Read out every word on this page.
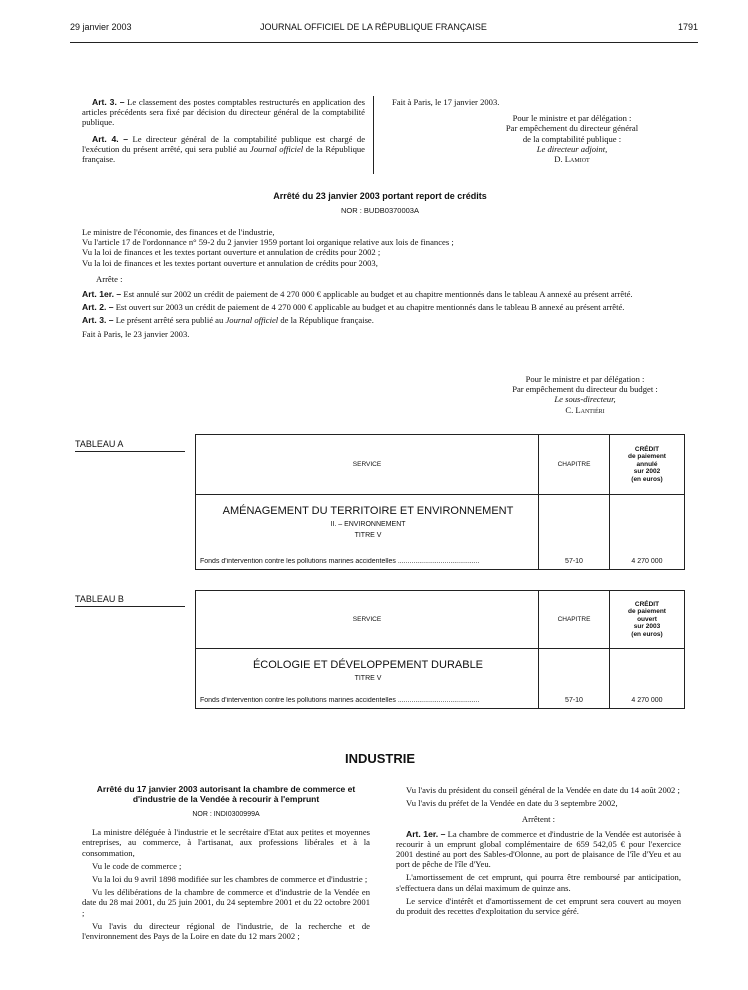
29 janvier 2003	JOURNAL OFFICIEL DE LA RÉPUBLIQUE FRANÇAISE	1791

Art. 3. – Le classement des postes comptables restructurés en application des articles précédents sera fixé par décision du directeur général de la comptabilité publique.

Art. 4. – Le directeur général de la comptabilité publique est chargé de l'exécution du présent arrêté, qui sera publié au Journal officiel de la République française.

Fait à Paris, le 17 janvier 2003.
Pour le ministre et par délégation :
Par empêchement du directeur général
de la comptabilité publique :
Le directeur adjoint,
D. Lamiot
Arrêté du 23 janvier 2003 portant report de crédits
NOR : BUDB0370003A
Le ministre de l'économie, des finances et de l'industrie,
Vu l'article 17 de l'ordonnance n° 59-2 du 2 janvier 1959 portant loi organique relative aux lois de finances ;
Vu la loi de finances et les textes portant ouverture et annulation de crédits pour 2002 ;
Vu la loi de finances et les textes portant ouverture et annulation de crédits pour 2003,
Arrête :
Art. 1er. – Est annulé sur 2002 un crédit de paiement de 4 270 000 € applicable au budget et au chapitre mentionnés dans le tableau A annexé au présent arrêté.
Art. 2. – Est ouvert sur 2003 un crédit de paiement de 4 270 000 € applicable au budget et au chapitre mentionnés dans le tableau B annexé au présent arrêté.
Art. 3. – Le présent arrêté sera publié au Journal officiel de la République française.
Fait à Paris, le 23 janvier 2003.
Pour le ministre et par délégation :
Par empêchement du directeur du budget :
Le sous-directeur,
C. Lantiéri
TABLEAU A
SERVICE	CHAPITRE	CRÉDIT
de paiement
annulé
sur 2002
(en euros)

AMÉNAGEMENT DU TERRITOIRE ET ENVIRONNEMENT
II. – ENVIRONNEMENT
TITRE V
Fonds d'intervention contre les pollutions marines accidentelles ..........................................	57-10	4 270 000
TABLEAU B
SERVICE	CHAPITRE	CRÉDIT
de paiement
ouvert
sur 2003
(en euros)

ÉCOLOGIE ET DÉVELOPPEMENT DURABLE
TITRE V
Fonds d'intervention contre les pollutions marines accidentelles ..........................................	57-10	4 270 000
INDUSTRIE
Arrêté du 17 janvier 2003 autorisant la chambre de commerce et d'industrie de la Vendée à recourir à l'emprunt
NOR : INDI0300999A

La ministre déléguée à l'industrie et le secrétaire d'Etat aux petites et moyennes entreprises, au commerce, à l'artisanat, aux professions libérales et à la consommation,

Vu le code de commerce ;

Vu la loi du 9 avril 1898 modifiée sur les chambres de commerce et d'industrie ;

Vu les délibérations de la chambre de commerce et d'industrie de la Vendée en date du 28 mai 2001, du 25 juin 2001, du 24 septembre 2001 et du 22 octobre 2001 ;

Vu l'avis du directeur régional de l'industrie, de la recherche et de l'environnement des Pays de la Loire en date du 12 mars 2002 ;

Vu l'avis du président du conseil général de la Vendée en date du 14 août 2002 ;

Vu l'avis du préfet de la Vendée en date du 3 septembre 2002,

Arrêtent :

Art. 1er. – La chambre de commerce et d'industrie de la Vendée est autorisée à recourir à un emprunt global complémentaire de 659 542,05 € pour l'exercice 2001 destiné au port des Sables-d'Olonne, au port de plaisance de l'île d'Yeu et au port de pêche de l'île d'Yeu.

L'amortissement de cet emprunt, qui pourra être remboursé par anticipation, s'effectuera dans un délai maximum de quinze ans.

Le service d'intérêt et d'amortissement de cet emprunt sera couvert au moyen du produit des recettes d'exploitation du service géré.
